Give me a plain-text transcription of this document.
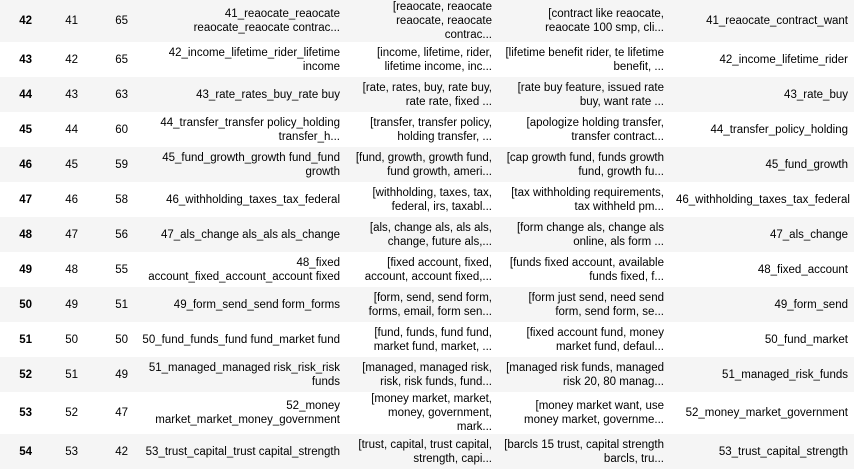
42	41	65	41_reaocate_reaocate reaocate_reaocate contrac...	[reaocate, reaocate reaocate, reaocate contrac...	[contract like reaocate, reaocate 100 smp, cli...	41_reaocate_contract_want
43	42	65	42_income_lifetime_rider_lifetime income	[income, lifetime, rider, lifetime income, inc...	[lifetime benefit rider, te lifetime benefit, ...	42_income_lifetime_rider
44	43	63	43_rate_rates_buy_rate buy	[rate, rates, buy, rate buy, rate rate, fixed ...	[rate buy feature, issued rate buy, want rate ...	43_rate_buy
45	44	60	44_transfer_transfer policy_holding transfer_h...	[transfer, transfer policy, holding transfer, ...	[apologize holding transfer, transfer contract...	44_transfer_policy_holding
46	45	59	45_fund_growth_growth fund_fund growth	[fund, growth, growth fund, fund growth, ameri...	[cap growth fund, funds growth fund, growth fu...	45_fund_growth
47	46	58	46_withholding_taxes_tax_federal	[withholding, taxes, tax, federal, irs, taxabl...	[tax withholding requirements, tax withheld pm...	46_withholding_taxes_tax_federal
48	47	56	47_als_change als_als als_change	[als, change als, als als, change, future als,...	[form change als, change als online, als form ...	47_als_change
49	48	55	48_fixed account_fixed_account_account fixed	[fixed account, fixed, account, account fixed,...	[funds fixed account, available funds fixed, f...	48_fixed_account
50	49	51	49_form_send_send form_forms	[form, send, send form, forms, email, form sen...	[form just send, need send form, send form, se...	49_form_send
51	50	50	50_fund_funds_fund fund_market fund	[fund, funds, fund fund, market fund, market, ...	[fixed account fund, money market fund, defaul...	50_fund_market
52	51	49	51_managed_managed risk_risk_risk funds	[managed, managed risk, risk, risk funds, fund...	[managed risk funds, managed risk 20, 80 manag...	51_managed_risk_funds
53	52	47	52_money market_market_money_government	[money market, market, money, government, mark...	[money market want, use money market, governme...	52_money_market_government
54	53	42	53_trust_capital_trust capital_strength	[trust, capital, trust capital, strength, capi...	[barcls 15 trust, capital strength barcls, tru...	53_trust_capital_strength
